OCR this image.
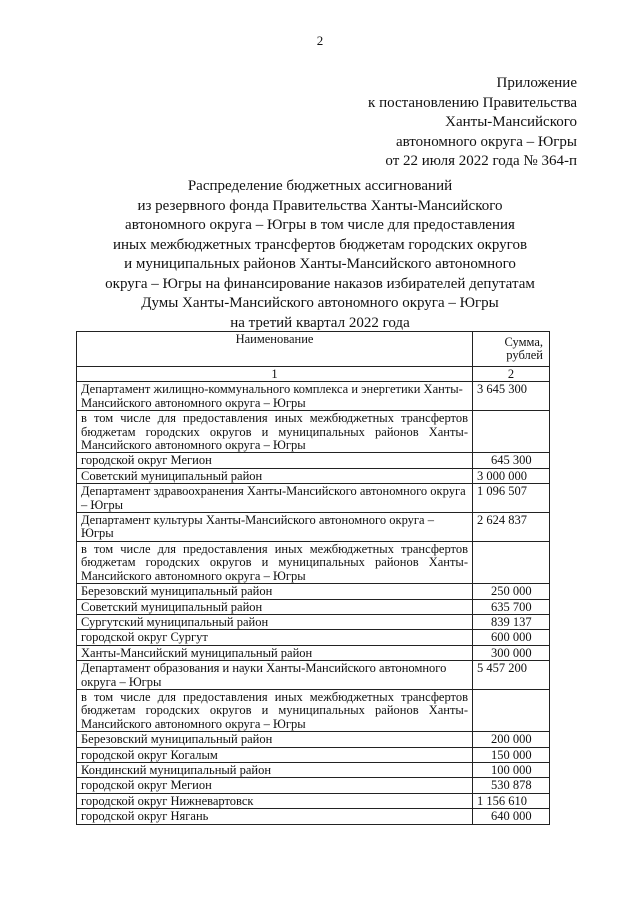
2
Приложение
к постановлению Правительства
Ханты-Мансийского
автономного округа – Югры
от 22 июля 2022 года № 364-п
Распределение бюджетных ассигнований
из резервного фонда Правительства Ханты-Мансийского
автономного округа – Югры в том числе для предоставления
иных межбюджетных трансфертов бюджетам городских округов
и муниципальных районов Ханты-Мансийского автономного
округа – Югры на финансирование наказов избирателей депутатам
Думы Ханты-Мансийского автономного округа – Югры
на третий квартал 2022 года
Наименование	Сумма,
рублей

1	2
Департамент жилищно-коммунального комплекса и энергетики Ханты-Мансийского автономного округа – Югры	3 645 300
в том числе для предоставления иных межбюджетных трансфертов бюджетам городских округов и муниципальных районов Ханты-Мансийского автономного округа – Югры	
городской округ Мегион	645 300
Советский муниципальный район	3 000 000
Департамент здравоохранения Ханты-Мансийского автономного округа – Югры	1 096 507
Департамент культуры Ханты-Мансийского автономного округа – Югры	2 624 837
в том числе для предоставления иных межбюджетных трансфертов бюджетам городских округов и муниципальных районов Ханты-Мансийского автономного округа – Югры	
Березовский муниципальный район	250 000
Советский муниципальный район	635 700
Сургутский муниципальный район	839 137
городской округ Сургут	600 000
Ханты-Мансийский муниципальный район	300 000
Департамент образования и науки Ханты-Мансийского автономного округа – Югры	5 457 200
в том числе для предоставления иных межбюджетных трансфертов бюджетам городских округов и муниципальных районов Ханты-Мансийского автономного округа – Югры	
Березовский муниципальный район	200 000
городской округ Когалым	150 000
Кондинский муниципальный район	100 000
городской округ Мегион	530 878
городской округ Нижневартовск	1 156 610
городской округ Нягань	640 000
